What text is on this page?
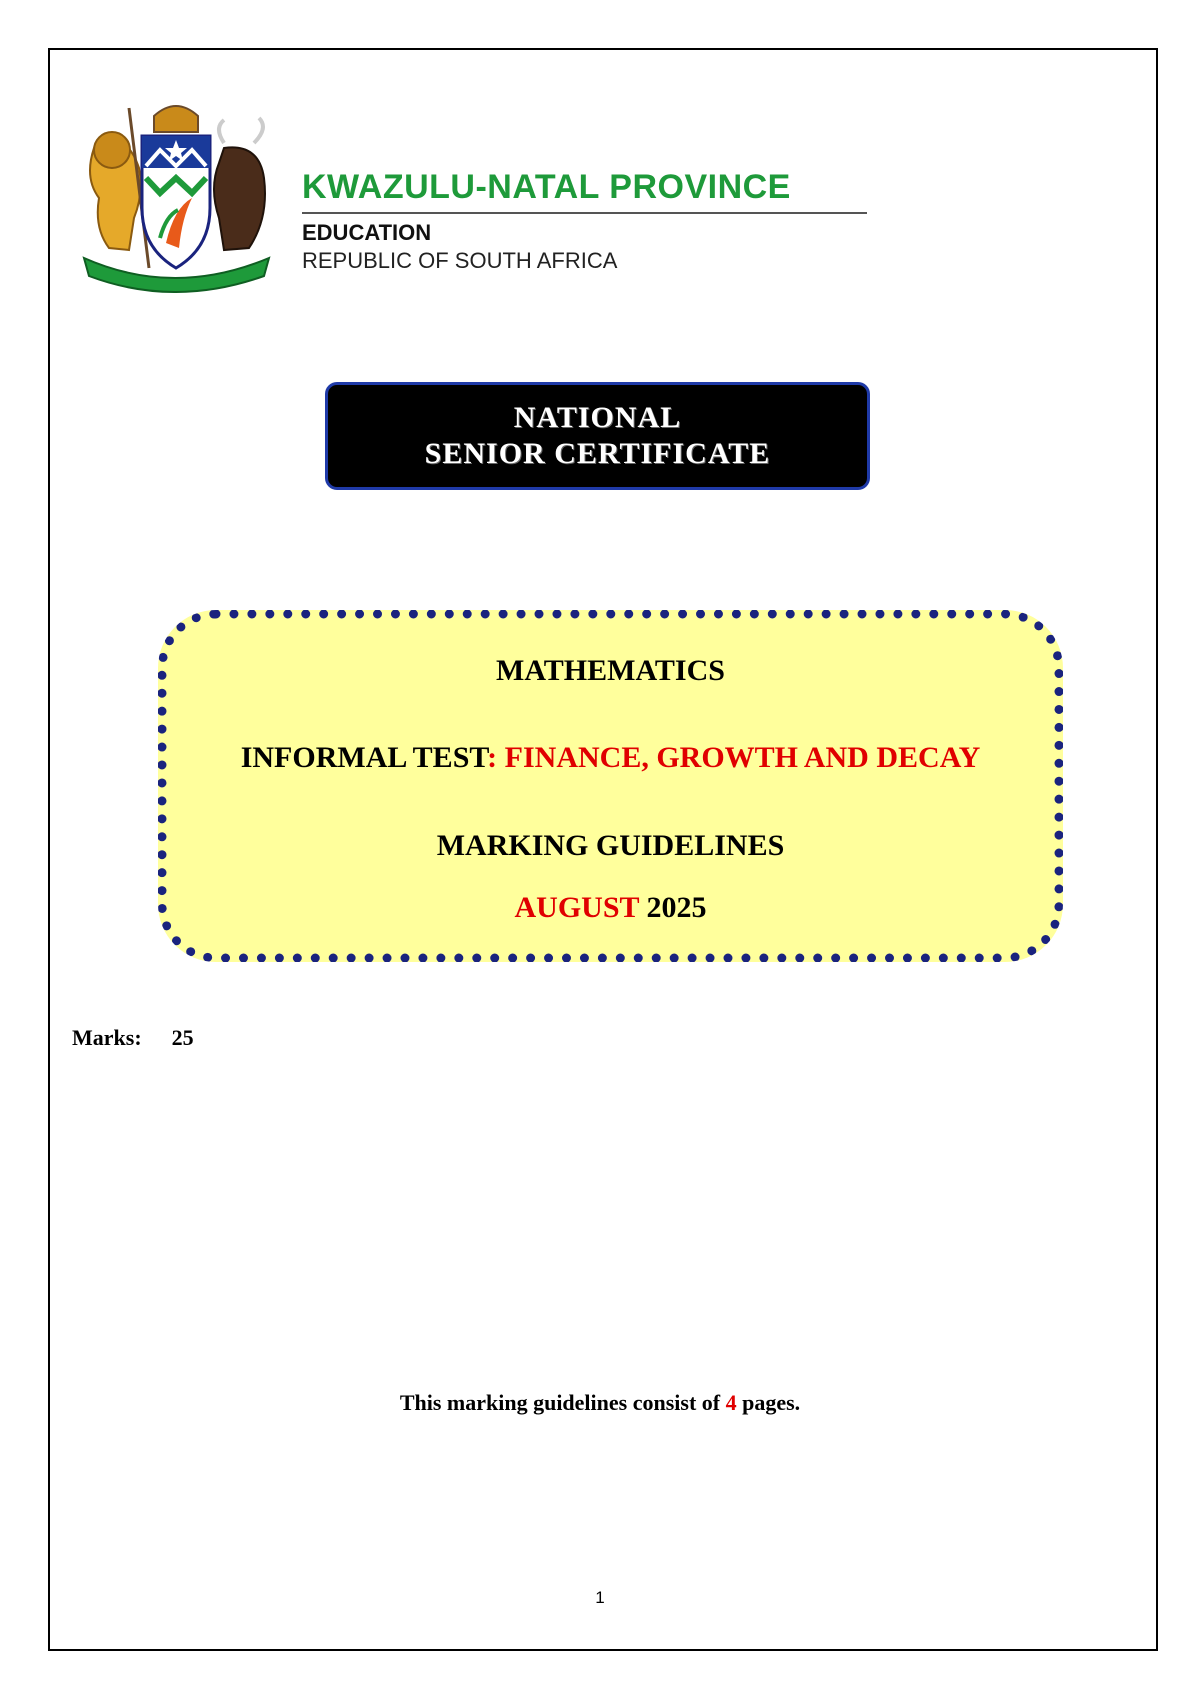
KWAZULU-NATAL PROVINCE
EDUCATION
REPUBLIC OF SOUTH AFRICA
NATIONAL
SENIOR CERTIFICATE
MATHEMATICS
INFORMAL TEST: FINANCE, GROWTH AND DECAY
MARKING GUIDELINES
AUGUST 2025
Marks: 25
This marking guidelines consist of 4 pages.
1
